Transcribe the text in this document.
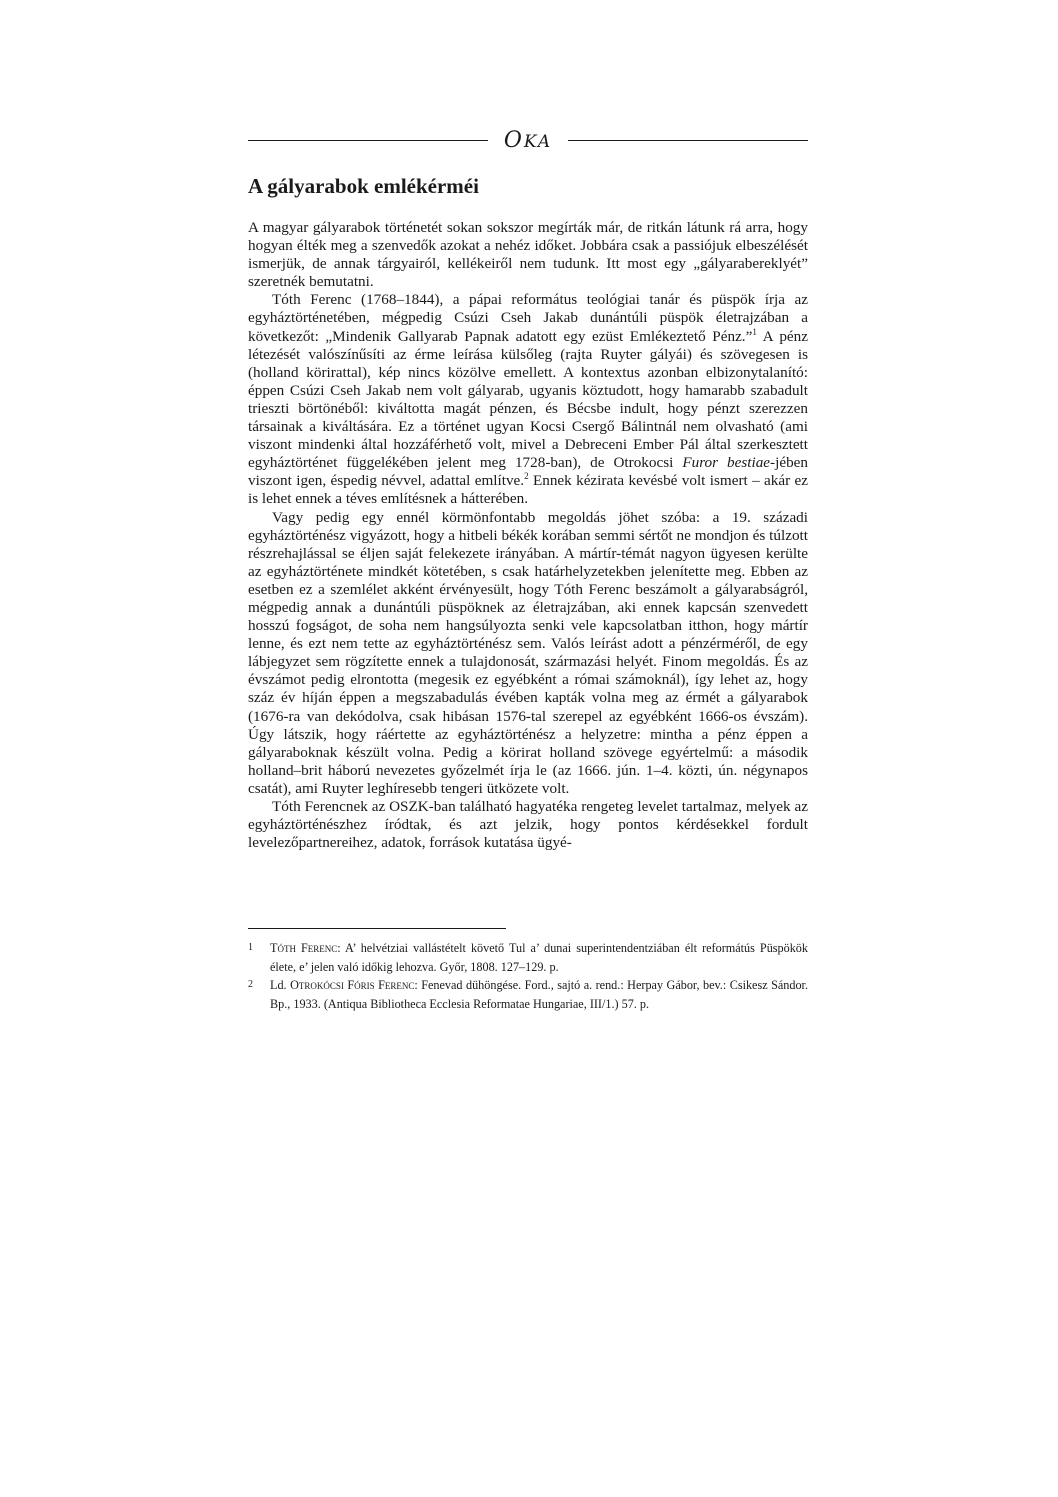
OKA
A gályarabok emlékérméi

A magyar gályarabok történetét sokan sokszor megírták már, de ritkán látunk rá arra, hogy hogyan élték meg a szenvedők azokat a nehéz időket. Jobbára csak a passiójuk elbeszélését ismerjük, de annak tárgyairól, kellékeiről nem tudunk. Itt most egy „gályarabereklyét” szeretnék bemutatni.

Tóth Ferenc (1768–1844), a pápai református teológiai tanár és püspök írja az egyháztörténetében, mégpedig Csúzi Cseh Jakab dunántúli püspök életrajzában a következőt: „Mindenik Gallyarab Papnak adatott egy ezüst Emlékeztető Pénz.”$^1$ A pénz létezését valószínűsíti az érme leírása külsőleg (rajta Ruyter gályái) és szövegesen is (holland körirattal), kép nincs közölve emellett. A kontextus azonban elbizonytalanító: éppen Csúzi Cseh Jakab nem volt gályarab, ugyanis köztudott, hogy hamarabb szabadult trieszti börtönéből: kiváltotta magát pénzen, és Bécsbe indult, hogy pénzt szerezzen társainak a kiváltására. Ez a történet ugyan Kocsi Csergő Bálintnál nem olvasható (ami viszont mindenki által hozzáférhető volt, mivel a Debreceni Ember Pál által szerkesztett egyháztörténet függelékében jelent meg 1728-ban), de Otrokocsi Furor bestiae-jében viszont igen, éspedig névvel, adattal említve.$^2$ Ennek kézirata kevésbé volt ismert – akár ez is lehet ennek a téves említésnek a hátterében.

Vagy pedig egy ennél körmönfontabb megoldás jöhet szóba: a 19. századi egyháztörténész vigyázott, hogy a hitbeli békék korában semmi sértőt ne mondjon és túlzott részrehajlással se éljen saját felekezete irányában. A mártír-témát nagyon ügyesen kerülte az egyháztörténete mindkét kötetében, s csak határhelyzetekben jelenítette meg. Ebben az esetben ez a szemlélet akként érvényesült, hogy Tóth Ferenc beszámolt a gályarabságról, mégpedig annak a dunántúli püspöknek az életrajzában, aki ennek kapcsán szenvedett hosszú fogságot, de soha nem hangsúlyozta senki vele kapcsolatban itthon, hogy mártír lenne, és ezt nem tette az egyháztörténész sem. Valós leírást adott a pénzérméről, de egy lábjegyzet sem rögzítette ennek a tulajdonosát, származási helyét. Finom megoldás. És az évszámot pedig elrontotta (megesik ez egyébként a római számoknál), így lehet az, hogy száz év híján éppen a megszabadulás évében kapták volna meg az érmét a gályarabok (1676-ra van dekódolva, csak hibásan 1576-tal szerepel az egyébként 1666-os évszám). Úgy látszik, hogy ráértette az egyháztörténész a helyzetre: mintha a pénz éppen a gályaraboknak készült volna. Pedig a körirat holland szövege egyértelmű: a második holland–brit háború nevezetes győzelmét írja le (az 1666. jún. 1–4. közti, ún. négynapos csatát), ami Ruyter leghíresebb tengeri ütközete volt.

Tóth Ferencnek az OSZK-ban található hagyatéka rengeteg levelet tartalmaz, melyek az egyháztörténészhez íródtak, és azt jelzik, hogy pontos kérdésekkel fordult levelezőpartnereihez, adatok, források kutatása ügyé-

1	Tóth Ferenc: A’ helvétziai vallástételt követő Tul a’ dunai superintendentziában élt reformátús Püspökök élete, e’ jelen való időkig lehozva. Győr, 1808. 127–129. p.
2	Ld. Otrokócsi Fóris Ferenc: Fenevad dühöngése. Ford., sajtó a. rend.: Herpay Gábor, bev.: Csikesz Sándor. Bp., 1933. (Antiqua Bibliotheca Ecclesia Reformatae Hungariae, III/1.) 57. p.
